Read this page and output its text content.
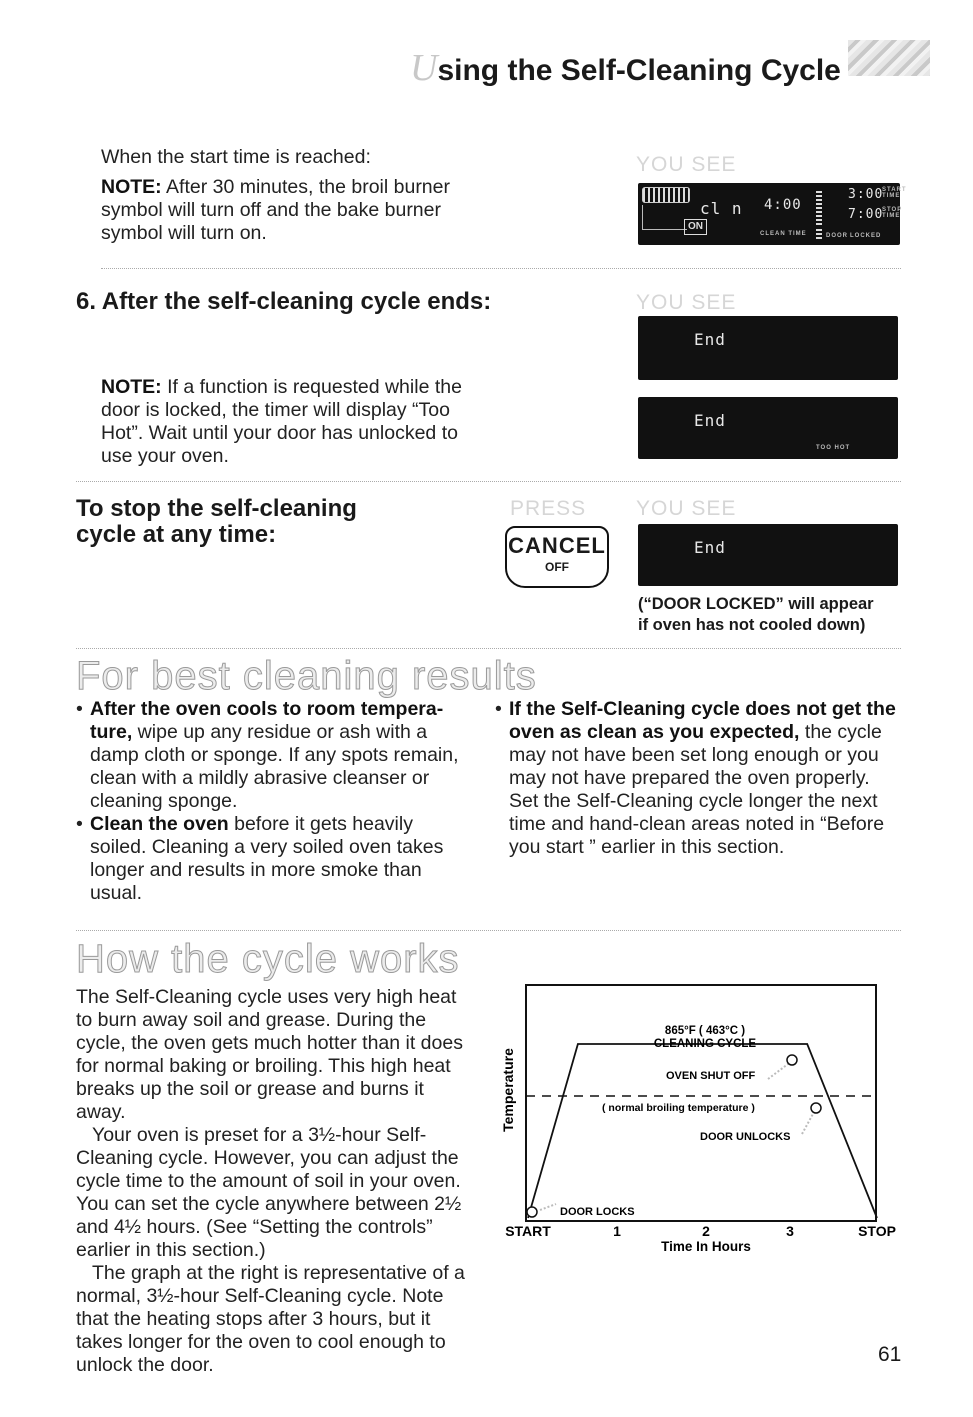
Using the Self-Cleaning Cycle
When the start time is reached:
NOTE: After 30 minutes, the broil burner symbol will turn off and the bake burner symbol will turn on.
YOU SEE
cl n
ON
4:00
3:00
START TIME
7:00
STOP TIME
CLEAN TIME	DOOR LOCKED
6. After the self-cleaning cycle ends:	YOU SEE
End
NOTE: If a function is requested while the door is locked, the timer will display “Too Hot”. Wait until your door has unlocked to use your oven.
End
TOO HOT
To stop the self-cleaning
cycle at any time:
PRESS YOU SEE
CANCEL
OFF
End
(“DOOR LOCKED” will appear
if oven has not cooled down)
For best cleaning results
• After the oven cools to room tempera-ture, wipe up any residue or ash with a damp cloth or sponge. If any spots remain, clean with a mildly abrasive cleanser or cleaning sponge.
• Clean the oven before it gets heavily soiled. Cleaning a very soiled oven takes longer and results in more smoke than usual.
• If the Self-Cleaning cycle does not get the oven as clean as you expected, the cycle may not have been set long enough or you may not have prepared the oven properly. Set the Self-Cleaning cycle longer the next time and hand-clean areas noted in “Before you start ” earlier in this section.
How the cycle works
The Self-Cleaning cycle uses very high heat to burn away soil and grease. During the cycle, the oven gets much hotter than it does for normal baking or broiling. This high heat breaks up the soil or grease and burns it away.
Your oven is preset for a 3½-hour Self-Cleaning cycle. However, you can adjust the cycle time to the amount of soil in your oven. You can set the cycle anywhere between 2½ and 4½ hours. (See “Setting the controls” earlier in this section.)
The graph at the right is representative of a normal, 3½-hour Self-Cleaning cycle. Note that the heating stops after 3 hours, but it takes longer for the oven to cool enough to unlock the door.
Temperature
865°F ( 463°C )
CLEANING CYCLE
OVEN SHUT OFF
( normal broiling temperature )
DOOR UNLOCKS
DOOR LOCKS
START	1	2	3	STOP
Time In Hours
61
